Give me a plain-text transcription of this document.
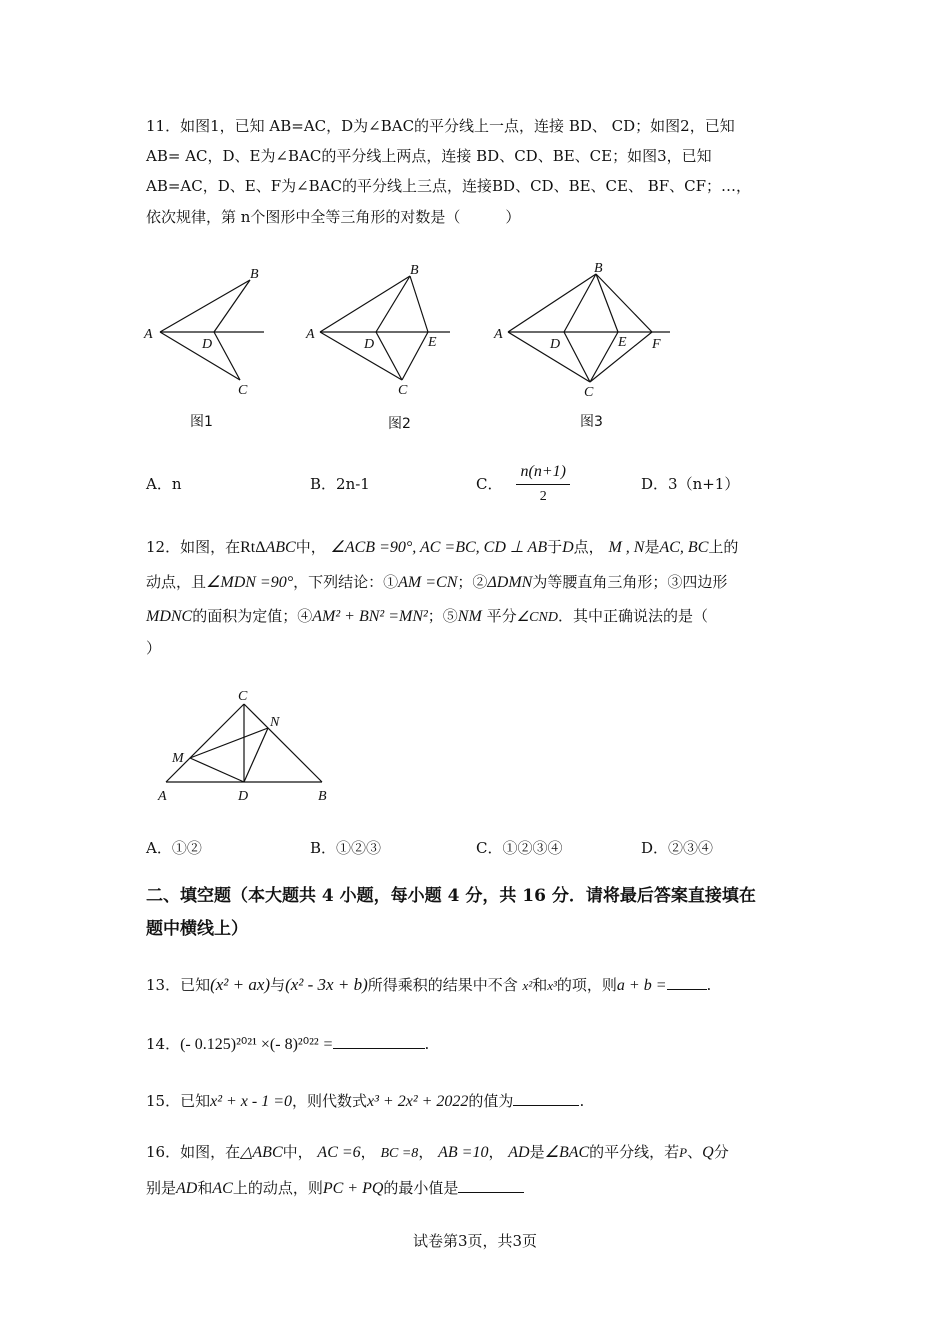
11．如图1，已知 AB=AC，D为∠BAC的平分线上一点，连接 BD、 CD；如图2，已知
AB= AC，D、E为∠BAC的平分线上两点，连接 BD、CD、BE、CE；如图3，已知
AB=AC，D、E、F为∠BAC的平分线上三点，连接BD、CD、BE、CE、 BF、CF；…，
依次规律，第 n个图形中全等三角形的对数是（　　　）
A
B
C
D
图1
A
B
C
D	E
图2
A
B
C
D	E F
图3
A．n	B．2n-1	C． $\frac{n(n+1)}{2}$	D．3（n+1）
12．如图，在RtΔABC中， ∠ACB =90°, AC =BC, CD ⊥ AB于D点， M , N是AC, BC上的
动点，且∠MDN =90°，下列结论：①AM =CN；②ΔDMN为等腰直角三角形；③四边形
MDNC的面积为定值；④AM² + BN² =MN²；⑤NM 平分∠CND．其中正确说法的是（
）
A	B
C
D
M
N
A．①②	B．①②③	C．①②③④	D．②③④
二、填空题（本大题共 4 小题，每小题 4 分，共 16 分．请将最后答案直接填在
题中横线上）
13．已知(x² + ax)与(x² - 3x + b)所得乘积的结果中不含 x²和x³的项，则a + b =	.
14．(- 0.125)²⁰²¹ ×(- 8)²⁰²² =	.
15．已知x² + x - 1 =0，则代数式x³ + 2x² + 2022的值为	.
16．如图，在△ABC中， AC =6， BC =8， AB =10， AD是∠BAC的平分线，若P、Q分
别是AD和AC上的动点，则PC + PQ的最小值是
试卷第3页，共3页
